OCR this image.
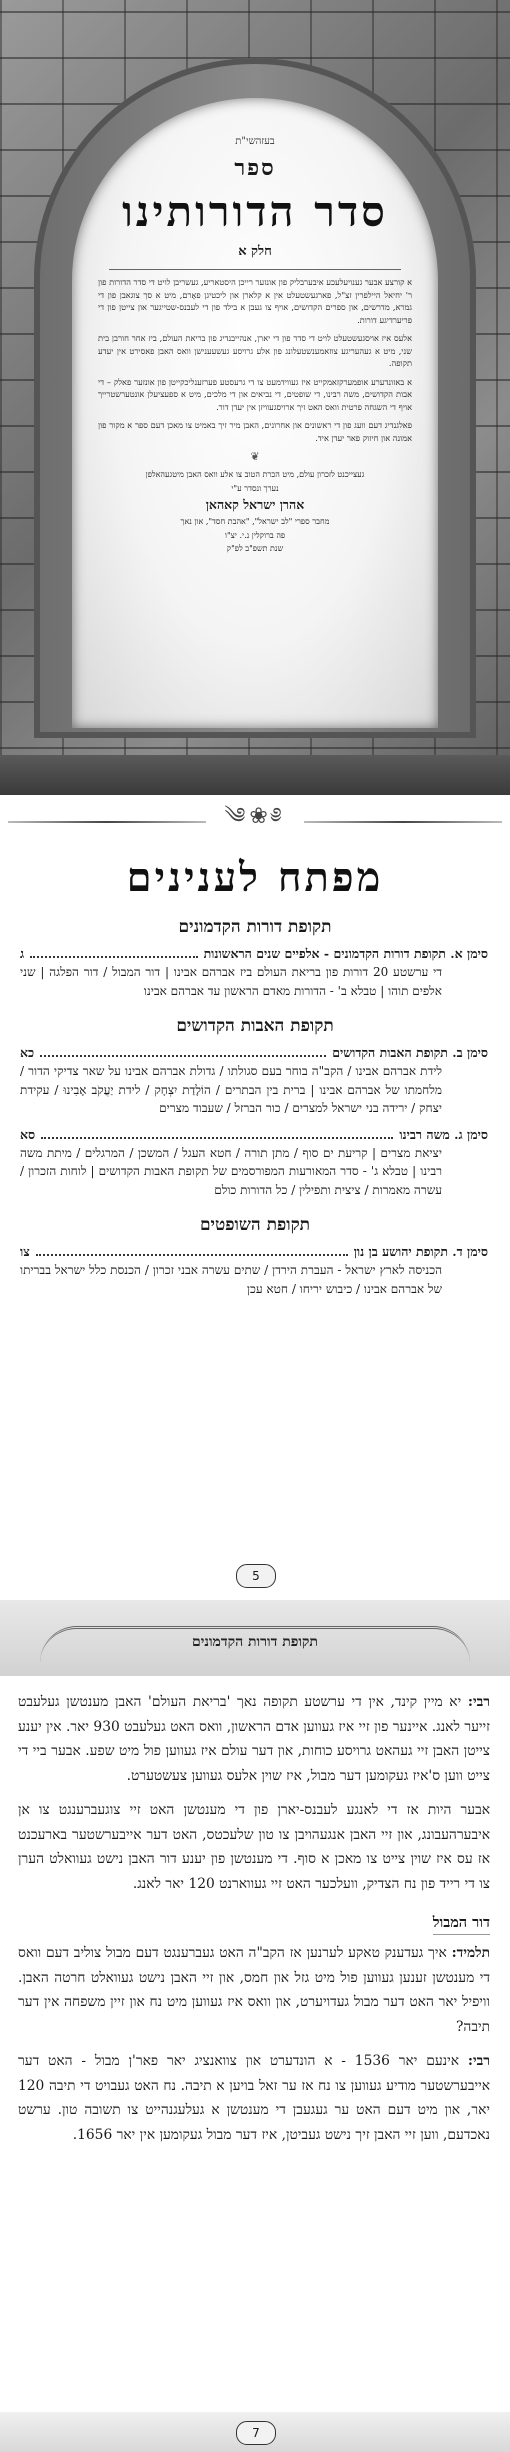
בעזהשי"ת
ספר
סדר הדורותינו
חלק א

א קורצע אבער גענויעלעכע איבערבליק פון אונזער רייכן היסטאריע, געשריבן לויט די סדר הדורות פון ר' יחיאל היילפרין זצ"ל, פארגעשטעלט אין א קלארן און ליכטיגן פאָרם, מיט א סך צוגאבן פון די גמרא, מדרשים, און ספרים הקדושים, אויף צו געבן א בילד פון די לעבנס-שטייגער און צייטן פון די פריערדיגע דורות.

אלעס איז אויסגעשטעלט לויט די סדר פון די יארן, אנהייבנדיג פון בריאת העולם, ביז אחר חורבן בית שני, מיט א געהעריגע צוזאמענשטעלונג פון אלע גרויסע געשעענישן וואס האבן פאסירט אין יעדע תקופה.

א באזונדערע אופמערקזאמקייט איז געווידמעט צו די גרעסטע פערזענליכקייטן פון אונזער פאלק – די אבות הקדושים, משה רבינו, די שופטים, די נביאים און די מלכים, מיט א ספעציעלן אונטערשטרייך אויף די השגחה פרטית וואס האט זיך ארויסגעוויזן אין יעדן דור.

פאלגנדיג דעם וועג פון די ראשונים און אחרונים, האבן מיר זיך באמיט צו מאכן דעם ספר א מקור פון אמונה און חיזוק פאר יעדן איד.

❦
געצייכנט לזכרון עולם, מיט הכרת הטוב צו אלע וואס האבן מיטגעהאלפן
נערך ונסדר ע"י
אהרן ישראל קאהאן
מחבר ספרי "לב ישראל", "אהבת חסד", און נאך
פה ברוקלין נ.י. יצ"ו
שנת תשפ"ב לפ"ק
༄❀༅
מפתח לענינים
תקופת דורות הקדמונים
סימן א. תקופת דורות הקדמונים - אלפיים שנים הראשונות
ג
די ערשטע 20 דורות פון בריאת העולם ביז אברהם אבינו | דור המבול / דור הפלגה | שני אלפים תוהו | טבלא ב' - הדורות מאדם הראשון עד אברהם אבינו
תקופת האבות הקדושים
סימן ב. תקופת האבות הקדושים
כא
לידת אברהם אבינו / הקב"ה בוחר בעם סגולתו / גדולת אברהם אבינו על שאר צדיקי הדור / מלחמתו של אברהם אבינו | ברית בין הבתרים / הוֹלָדַת יִצְחָק / לידת יַעֲקֹב אָבִינוּ / עקידת יצחק / ירידה בני ישראל למצרים / כור הברזל / שעבוד מצרים
סימן ג. משה רבינו
סא
יציאת מצרים | קריעת ים סוף / מתן תורה / חטא העגל / המשכן / המרגלים / מיתת משה רבינו | טבלא ג' - סדר המאורעות המפורסמים של תקופת האבות הקדושים | לוחות הזכרון / עשרה מאמרות / ציצית ותפילין / כל הדורות כולם
תקופת השופטים
סימן ד. תקופת יהושע בן נון
צו
הכניסה לארץ ישראל - העברת הירדן / שתים עשרה אבני זכרון / הכנסת כלל ישראל בבריתו של אברהם אבינו / כיבוש יריחו / חטא עכן
5
תקופת דורות הקדמונים

רבי: יא מיין קינד, אין די ערשטע תקופה נאך 'בריאת העולם' האבן מענטשן געלעבט זייער לאנג. איינער פון זיי איז געווען אדם הראשון, וואס האט געלעבט 930 יאר. אין יענע צייטן האבן זיי געהאט גרויסע כוחות, און דער עולם איז געווען פול מיט שפע. אבער ביי די צייט ווען ס'איז געקומען דער מבול, איז שוין אלעס געווען צעשטערט.

אבער היות אז די לאנגע לעבנס-יארן פון די מענטשן האט זיי צוגעברענגט צו אן איבערהעבונג, און זיי האבן אנגעהויבן צו טון שלעכטס, האט דער אייבערשטער בארעכנט אז עס איז שוין צייט צו מאכן א סוף. די מענטשן פון יענע דור האבן נישט געוואלט הערן צו די רייד פון נח הצדיק, וועלכער האט זיי געווארנט 120 יאר לאנג.

דור המבול

תלמיד: איך געדענק טאקע לערנען אז הקב"ה האט געברענגט דעם מבול צוליב דעם וואס די מענטשן זענען געווען פול מיט גזל און חמס, און זיי האבן נישט געוואלט חרטה האבן. וויפיל יאר האט דער מבול געדויערט, און וואס איז געווען מיט נח און זיין משפחה אין דער תיבה?

רבי: אינעם יאר 1536 - א הונדערט און צוואנציג יאר פאר'ן מבול - האט דער אייבערשטער מודיע געווען צו נח אז ער זאל בויען א תיבה. נח האט געבויט די תיבה 120 יאר, און מיט דעם האט ער געגעבן די מענטשן א געלעגנהייט צו תשובה טון. ערשט נאכדעם, ווען זיי האבן זיך נישט געביטן, איז דער מבול געקומען אין יאר 1656.

7
